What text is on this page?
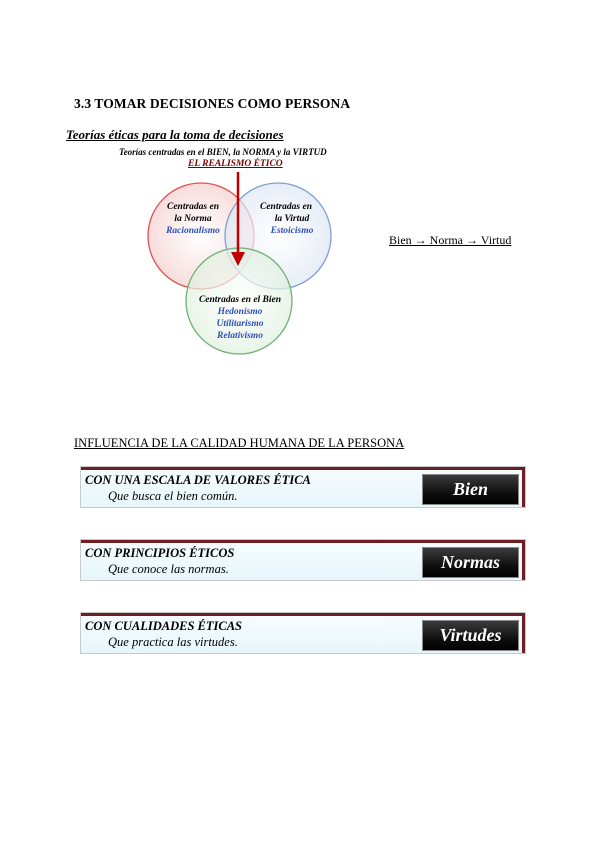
3.3 TOMAR DECISIONES COMO PERSONA
Teorías éticas para la toma de decisiones
Teorías centradas en el BIEN, la NORMA y la VIRTUD
EL REALISMO ÉTICO
Centradas en
la Norma
Racionalismo
Centradas en
la Virtud
Estoicismo
Centradas en el Bien
Hedonismo
Utilitarismo
Relativismo
Bien → Norma → Virtud
INFLUENCIA DE LA CALIDAD HUMANA DE LA PERSONA
CON UNA ESCALA DE VALORES ÉTICA
Que busca el bien común.	Bien
CON PRINCIPIOS ÉTICOS
Que conoce las normas.	Normas
CON CUALIDADES ÉTICAS
Que practica las virtudes.	Virtudes
